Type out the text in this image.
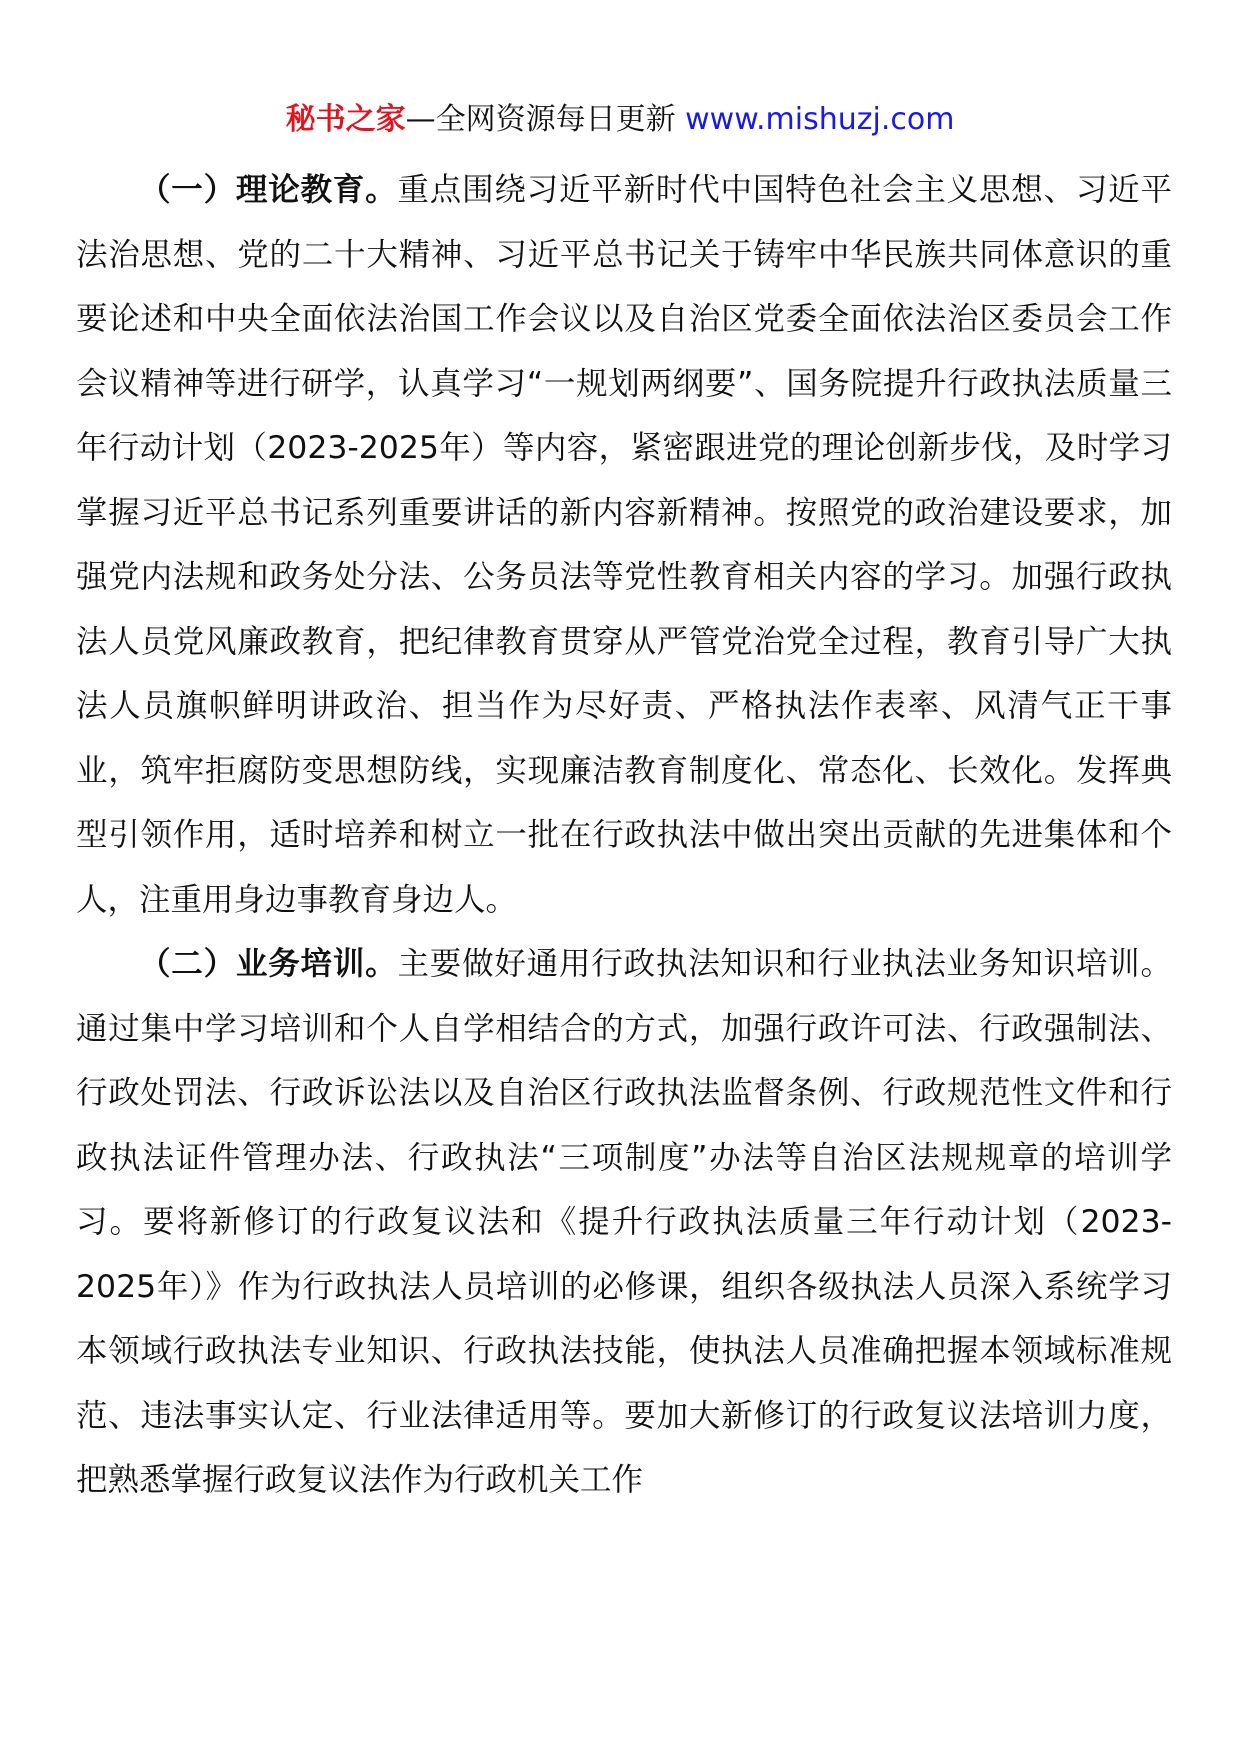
秘书之家—全网资源每日更新 www.mishuzj.com

（一）理论教育。重点围绕习近平新时代中国特色社会主义思想、习近平法治思想、党的二十大精神、习近平总书记关于铸牢中华民族共同体意识的重要论述和中央全面依法治国工作会议以及自治区党委全面依法治区委员会工作会议精神等进行研学，认真学习“一规划两纲要”、国务院提升行政执法质量三年行动计划（2023-2025年）等内容，紧密跟进党的理论创新步伐，及时学习掌握习近平总书记系列重要讲话的新内容新精神。按照党的政治建设要求，加强党内法规和政务处分法、公务员法等党性教育相关内容的学习。加强行政执法人员党风廉政教育，把纪律教育贯穿从严管党治党全过程，教育引导广大执法人员旗帜鲜明讲政治、担当作为尽好责、严格执法作表率、风清气正干事业，筑牢拒腐防变思想防线，实现廉洁教育制度化、常态化、长效化。发挥典型引领作用，适时培养和树立一批在行政执法中做出突出贡献的先进集体和个人，注重用身边事教育身边人。

（二）业务培训。主要做好通用行政执法知识和行业执法业务知识培训。通过集中学习培训和个人自学相结合的方式，加强行政许可法、行政强制法、行政处罚法、行政诉讼法以及自治区行政执法监督条例、行政规范性文件和行政执法证件管理办法、行政执法“三项制度”办法等自治区法规规章的培训学习。要将新修订的行政复议法和《提升行政执法质量三年行动计划（2023-2025年）》作为行政执法人员培训的必修课，组织各级执法人员深入系统学习本领域行政执法专业知识、行政执法技能，使执法人员准确把握本领域标准规范、违法事实认定、行业法律适用等。要加大新修订的行政复议法培训力度，把熟悉掌握行政复议法作为行政机关工作
